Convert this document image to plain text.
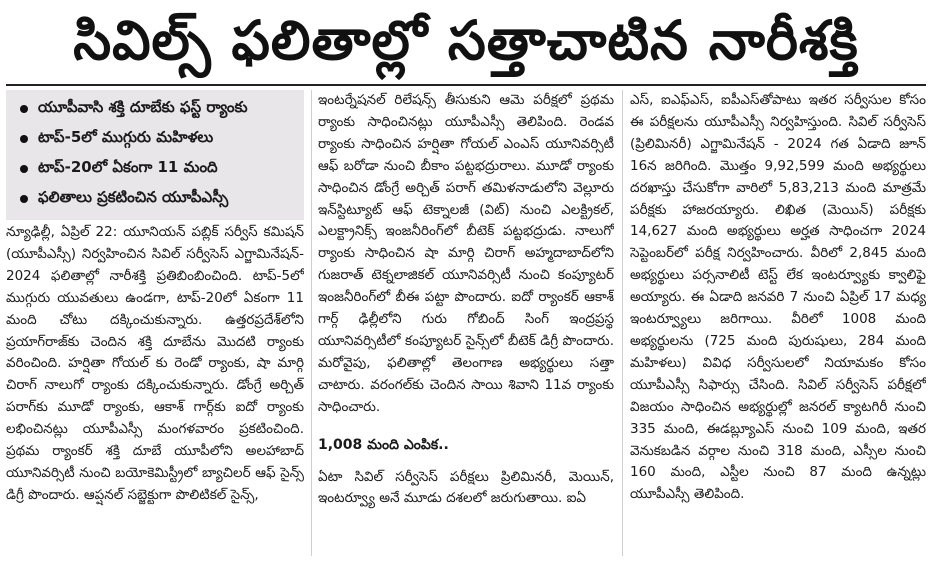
సివిల్స్ ఫలితాల్లో సత్తాచాటిన నారీశక్తి
యూపీవాసి శక్తి దూబేకు ఫస్ట్ ర్యాంకు
టాప్-5లో ముగ్గురు మహిళలు
టాప్-20లో ఏకంగా 11 మంది
ఫలితాలు ప్రకటించిన యూపీఎస్సీ

న్యూఢిల్లీ, ఏప్రిల్ 22: యూనియన్ పబ్లిక్ సర్వీస్ కమిషన్ (యూపీఎస్సీ) నిర్వహించిన సివిల్ సర్వీసెస్ ఎగ్జామినేషన్- 2024 ఫలితాల్లో నారీశక్తి ప్రతిబింబించింది. టాప్-5లో ముగ్గురు యువతులు ఉండగా, టాప్-20లో ఏకంగా 11 మంది చోటు దక్కించుకున్నారు. ఉత్తరప్రదేశ్‌లోని ప్రయాగ్‌రాజ్‌కు చెందిన శక్తి దూబేను మొదటి ర్యాంకు వరించింది. హర్షితా గోయల్ కు రెండో ర్యాంకు, షా మార్గి చిరాగ్ నాలుగో ర్యాంకు దక్కించుకున్నారు. డోంగ్రే అర్చిత్ పరాగ్‌కు మూడో ర్యాంకు, ఆకాశ్ గార్గ్‌కు ఐదో ర్యాంకు లభించినట్లు యూపీఎస్సీ మంగళవారం ప్రకటించింది. ప్రథమ ర్యాంకర్ శక్తి దూబే యూపీలోని అలహాబాద్ యూనివర్సిటీ నుంచి బయోకెమిస్ట్రీలో బ్యాచిలర్ ఆఫ్ సైన్స్ డిగ్రీ పొందారు. ఆప్షనల్ సబ్జెక్టుగా పొలిటికల్ సైన్స్,

ఇంటర్నేషనల్ రిలేషన్స్ తీసుకుని ఆమె పరీక్షలో ప్రథమ ర్యాంకు సాధించినట్లు యూపీఎస్సీ తెలిపింది. రెండవ ర్యాంకు సాధించిన హర్షితా గోయల్ ఎంఎస్ యూనివర్సిటీ ఆఫ్ బరోడా నుంచి బీకాం పట్టభద్రురాలు. మూడో ర్యాంకు సాధించిన డోంగ్రే అర్చిత్ పరాగ్ తమిళనాడులోని వెల్లూరు ఇన్‌స్టిట్యూట్ ఆఫ్ టెక్నాలజీ (విట్) నుంచి ఎలక్ట్రికల్, ఎలక్ట్రానిక్స్ ఇంజనీరింగ్‌లో బీటెక్ పట్టభద్రుడు. నాలుగో ర్యాంకు సాధించిన షా మార్గి చిరాగ్ అహ్మదాబాద్‌లోని గుజరాత్ టెక్నలాజికల్ యూనివర్సిటీ నుంచి కంప్యూటర్ ఇంజనీరింగ్‌లో బీఈ పట్టా పొందారు. ఐదో ర్యాంకర్ ఆకాశ్ గార్గ్ ఢిల్లీలోని గురు గోబింద్ సింగ్ ఇంద్రప్రస్థ యూనివర్సిటీలో కంప్యూటర్ సైన్స్‌లో బీటెక్ డిగ్రీ పొందారు. మరోవైపు, ఫలితాల్లో తెలంగాణ అభ్యర్థులు సత్తా చాటారు. వరంగల్‌కు చెందిన సాయి శివాని 11వ ర్యాంకు సాధించారు.

1,008 మంది ఎంపిక..

ఏటా సివిల్ సర్వీసెస్ పరీక్షలు ప్రిలిమినరీ, మెయిన్, ఇంటర్వ్యూ అనే మూడు దశలలో జరుగుతాయి. ఐఏ

ఎస్, ఐఎఫ్ఎస్, ఐపీఎస్‌తోపాటు ఇతర సర్వీసుల కోసం ఈ పరీక్షలను యూపీఎస్సీ నిర్వహిస్తుంది. సివిల్ సర్వీసెస్ (ప్రిలిమినరీ) ఎగ్జామినేషన్ - 2024 గత ఏడాది జూన్ 16న జరిగింది. మొత్తం 9,92,599 మంది అభ్యర్థులు దరఖాస్తు చేసుకోగా వారిలో 5,83,213 మంది మాత్రమే పరీక్షకు హాజరయ్యారు. లిఖిత (మెయిన్) పరీక్షకు 14,627 మంది అభ్యర్థులు అర్హత సాధించగా 2024 సెప్టెంబర్‌లో పరీక్ష నిర్వహించారు. వీరిలో 2,845 మంది అభ్యర్థులు పర్సనాలిటీ టెస్ట్ లేక ఇంటర్వ్యూకు క్వాలిఫై అయ్యారు. ఈ ఏడాది జనవరి 7 నుంచి ఏప్రిల్ 17 మధ్య ఇంటర్వ్యూలు జరిగాయి. వీరిలో 1008 మంది అభ్యర్థులను (725 మంది పురుషులు, 284 మంది మహిళలు) వివిధ సర్వీసులలో నియామకం కోసం యూపీఎస్సీ సిఫార్సు చేసింది. సివిల్ సర్వీసెస్ పరీక్షలో విజయం సాధించిన అభ్యర్థుల్లో జనరల్ క్యాటగిరీ నుంచి 335 మంది, ఈడబ్ల్యూఎస్ నుంచి 109 మంది, ఇతర వెనుకబడిన వర్గాల నుంచి 318 మంది, ఎస్సీల నుంచి 160 మంది, ఎస్టీల నుంచి 87 మంది ఉన్నట్లు యూపీఎస్సీ తెలిపింది.
